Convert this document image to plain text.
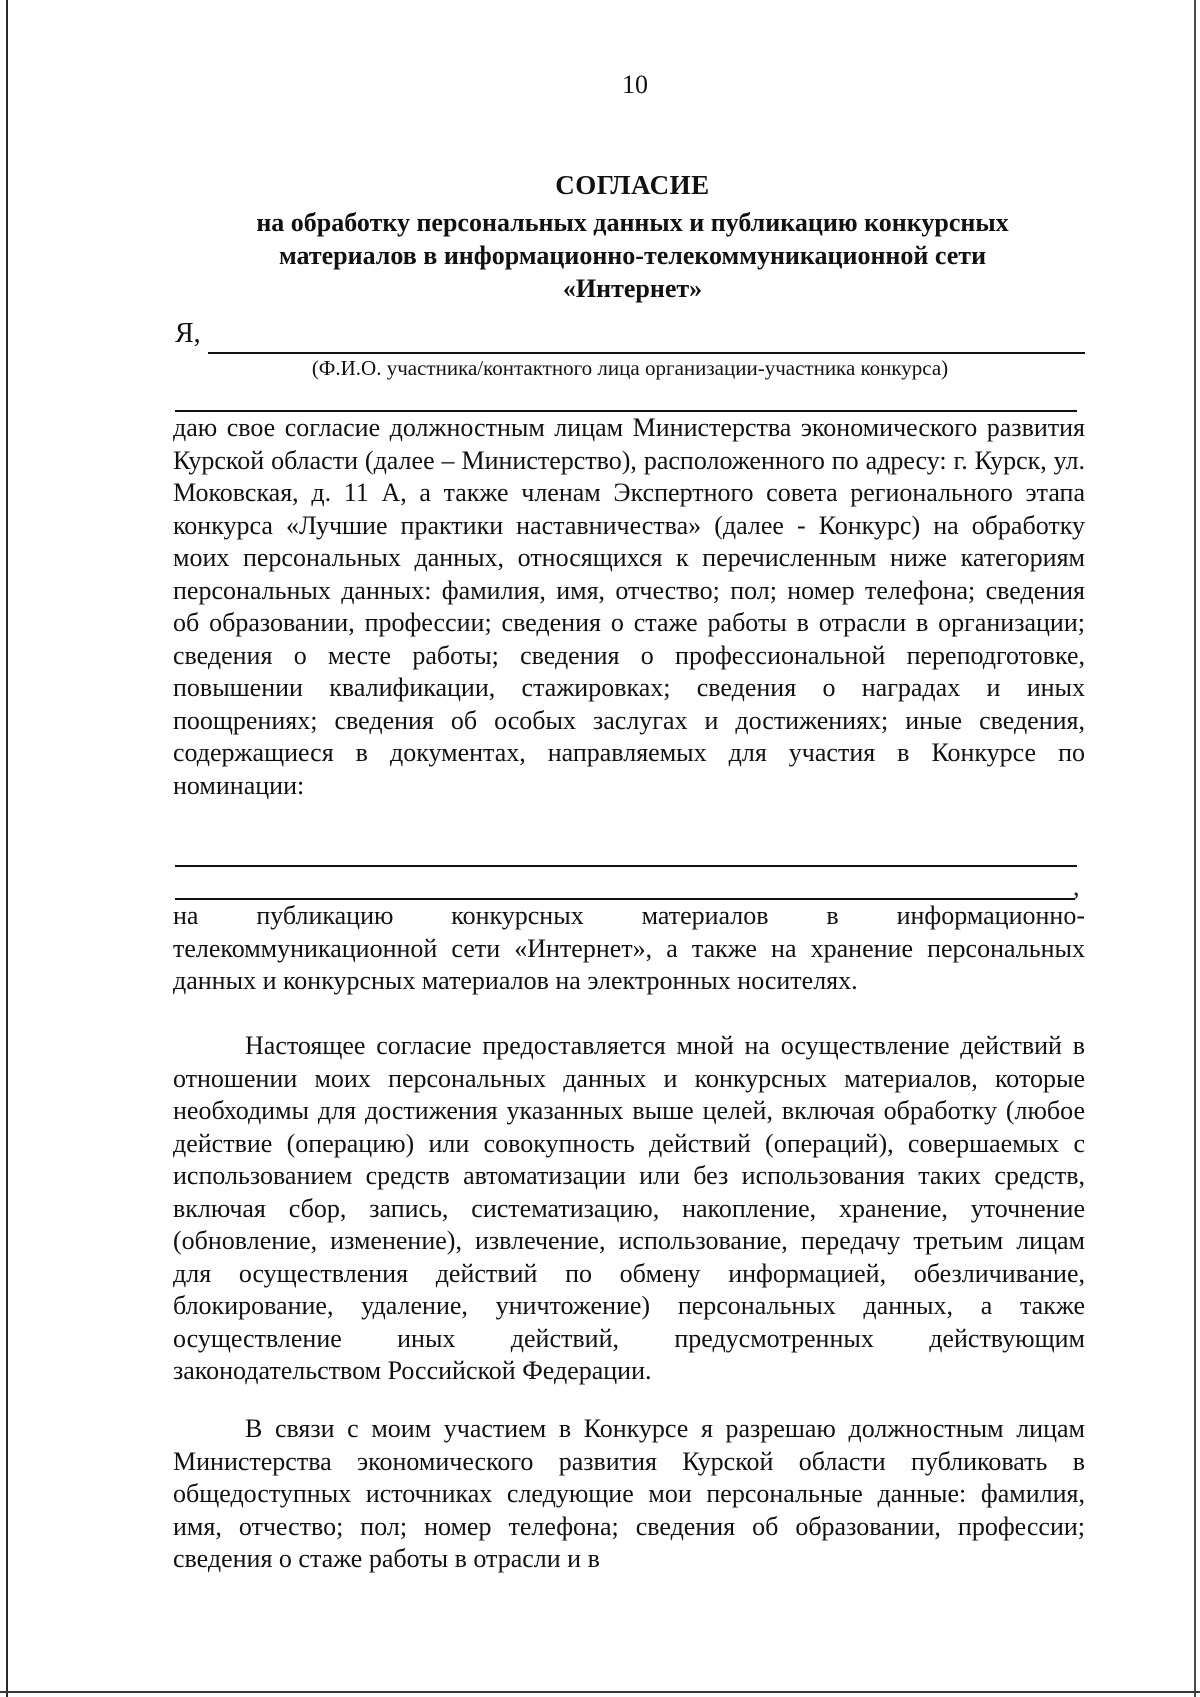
10
СОГЛАСИЕ
на обработку персональных данных и публикацию конкурсных
материалов в информационно-телекоммуникационной сети
«Интернет»
Я,
(Ф.И.О. участника/контактного лица организации-участника конкурса)
даю свое согласие должностным лицам Министерства экономического развития Курской области (далее – Министерство), расположенного по адресу: г. Курск, ул. Моковская, д. 11 А, а также членам Экспертного совета регионального этапа конкурса «Лучшие практики наставничества» (далее - Конкурс) на обработку моих персональных данных, относящихся к перечисленным ниже категориям персональных данных: фамилия, имя, отчество; пол; номер телефона; сведения об образовании, профессии; сведения о стаже работы в отрасли в организации; сведения о месте работы; сведения о профессиональной переподготовке, повышении квалификации, стажировках; сведения о наградах и иных поощрениях; сведения об особых заслугах и достижениях; иные сведения, содержащиеся в документах, направляемых для участия в Конкурсе по номинации:
,
на публикацию конкурсных материалов в информационно-телекоммуникационной сети «Интернет», а также на хранение персональных данных и конкурсных материалов на электронных носителях.
Настоящее согласие предоставляется мной на осуществление действий в отношении моих персональных данных и конкурсных материалов, которые необходимы для достижения указанных выше целей, включая обработку (любое действие (операцию) или совокупность действий (операций), совершаемых с использованием средств автоматизации или без использования таких средств, включая сбор, запись, систематизацию, накопление, хранение, уточнение (обновление, изменение), извлечение, использование, передачу третьим лицам для осуществления действий по обмену информацией, обезличивание, блокирование, удаление, уничтожение) персональных данных, а также осуществление иных действий, предусмотренных действующим законодательством Российской Федерации.
В связи с моим участием в Конкурсе я разрешаю должностным лицам Министерства экономического развития Курской области публиковать в общедоступных источниках следующие мои персональные данные: фамилия, имя, отчество; пол; номер телефона; сведения об образовании, профессии; сведения о стаже работы в отрасли и в
